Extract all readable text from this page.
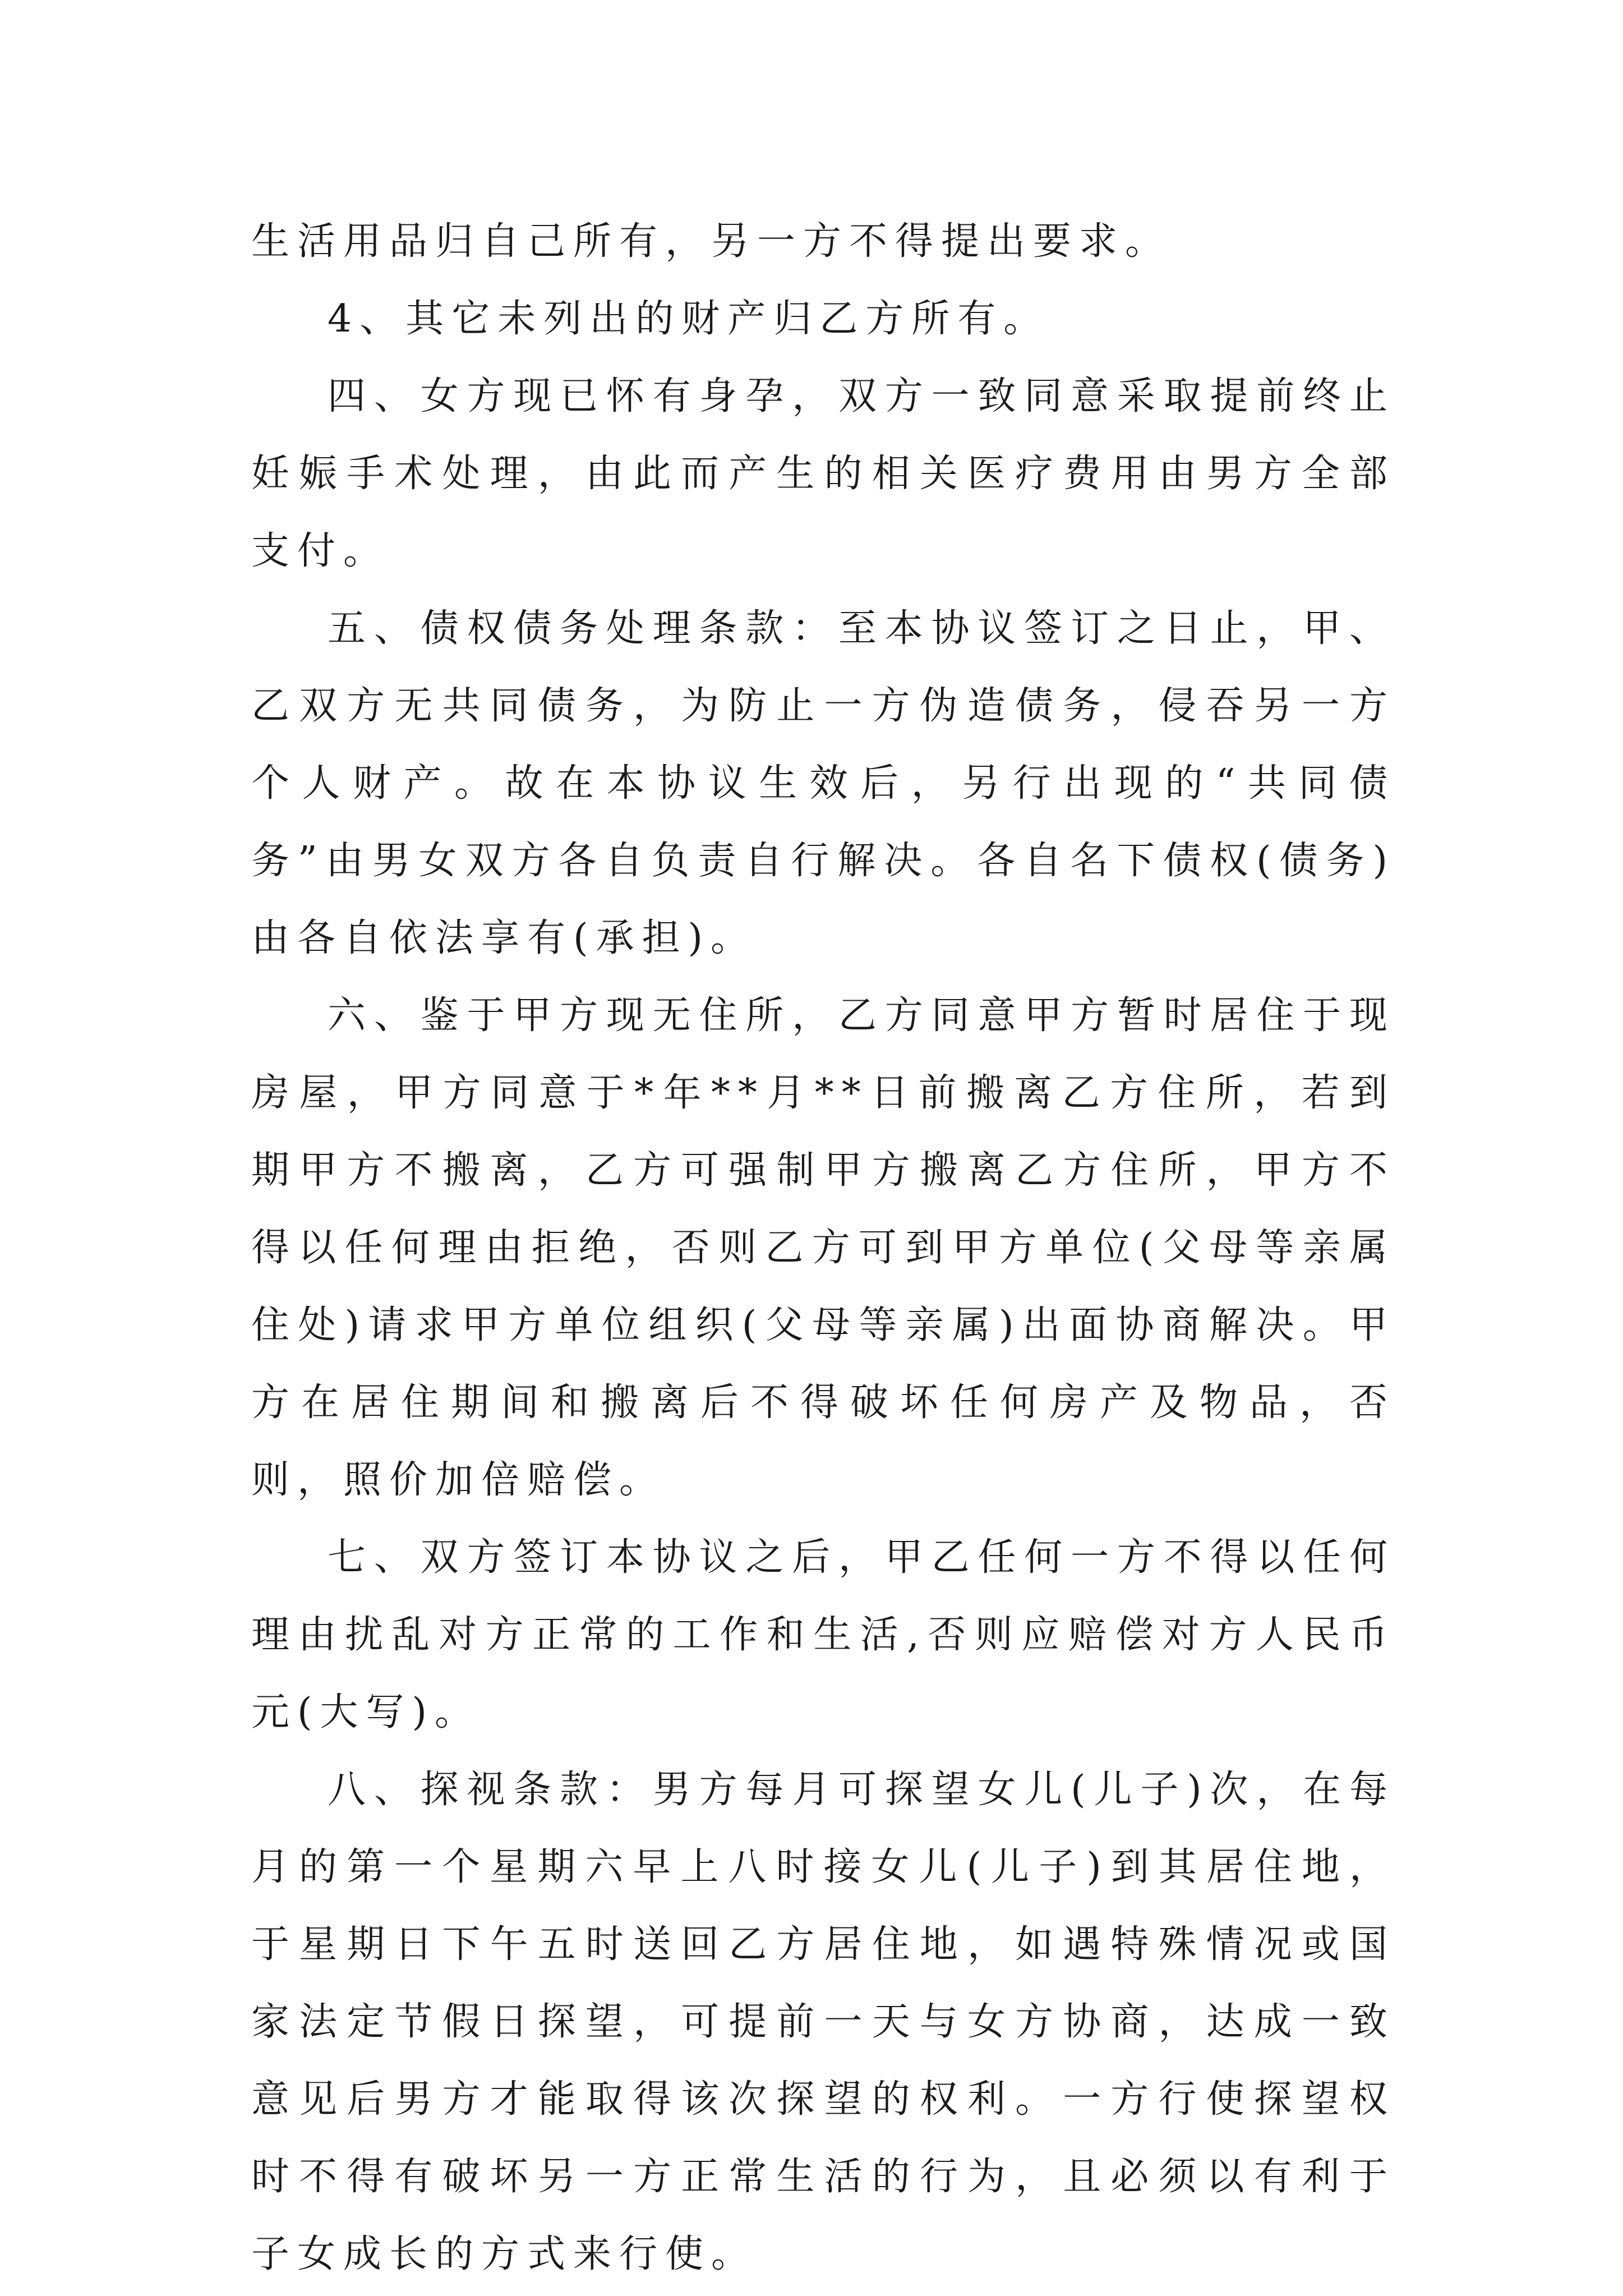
生活用品归自己所有，另一方不得提出要求。

4、其它未列出的财产归乙方所有。

四、女方现已怀有身孕，双方一致同意采取提前终止妊娠手术处理，由此而产生的相关医疗费用由男方全部支付。

五、债权债务处理条款：至本协议签订之日止，甲、乙双方无共同债务，为防止一方伪造债务，侵吞另一方个人财产。故在本协议生效后，另行出现的“共同债务”由男女双方各自负责自行解决。各自名下债权(债务)由各自依法享有(承担)。

六、鉴于甲方现无住所，乙方同意甲方暂时居住于现房屋，甲方同意于*年**月**日前搬离乙方住所，若到期甲方不搬离，乙方可强制甲方搬离乙方住所，甲方不得以任何理由拒绝，否则乙方可到甲方单位(父母等亲属住处)请求甲方单位组织(父母等亲属)出面协商解决。甲方在居住期间和搬离后不得破坏任何房产及物品，否则，照价加倍赔偿。

七、双方签订本协议之后，甲乙任何一方不得以任何理由扰乱对方正常的工作和生活,否则应赔偿对方人民币元(大写)。

八、探视条款：男方每月可探望女儿(儿子)次，在每月的第一个星期六早上八时接女儿(儿子)到其居住地，于星期日下午五时送回乙方居住地，如遇特殊情况或国家法定节假日探望，可提前一天与女方协商，达成一致意见后男方才能取得该次探望的权利。一方行使探望权时不得有破坏另一方正常生活的行为，且必须以有利于子女成长的方式来行使。
